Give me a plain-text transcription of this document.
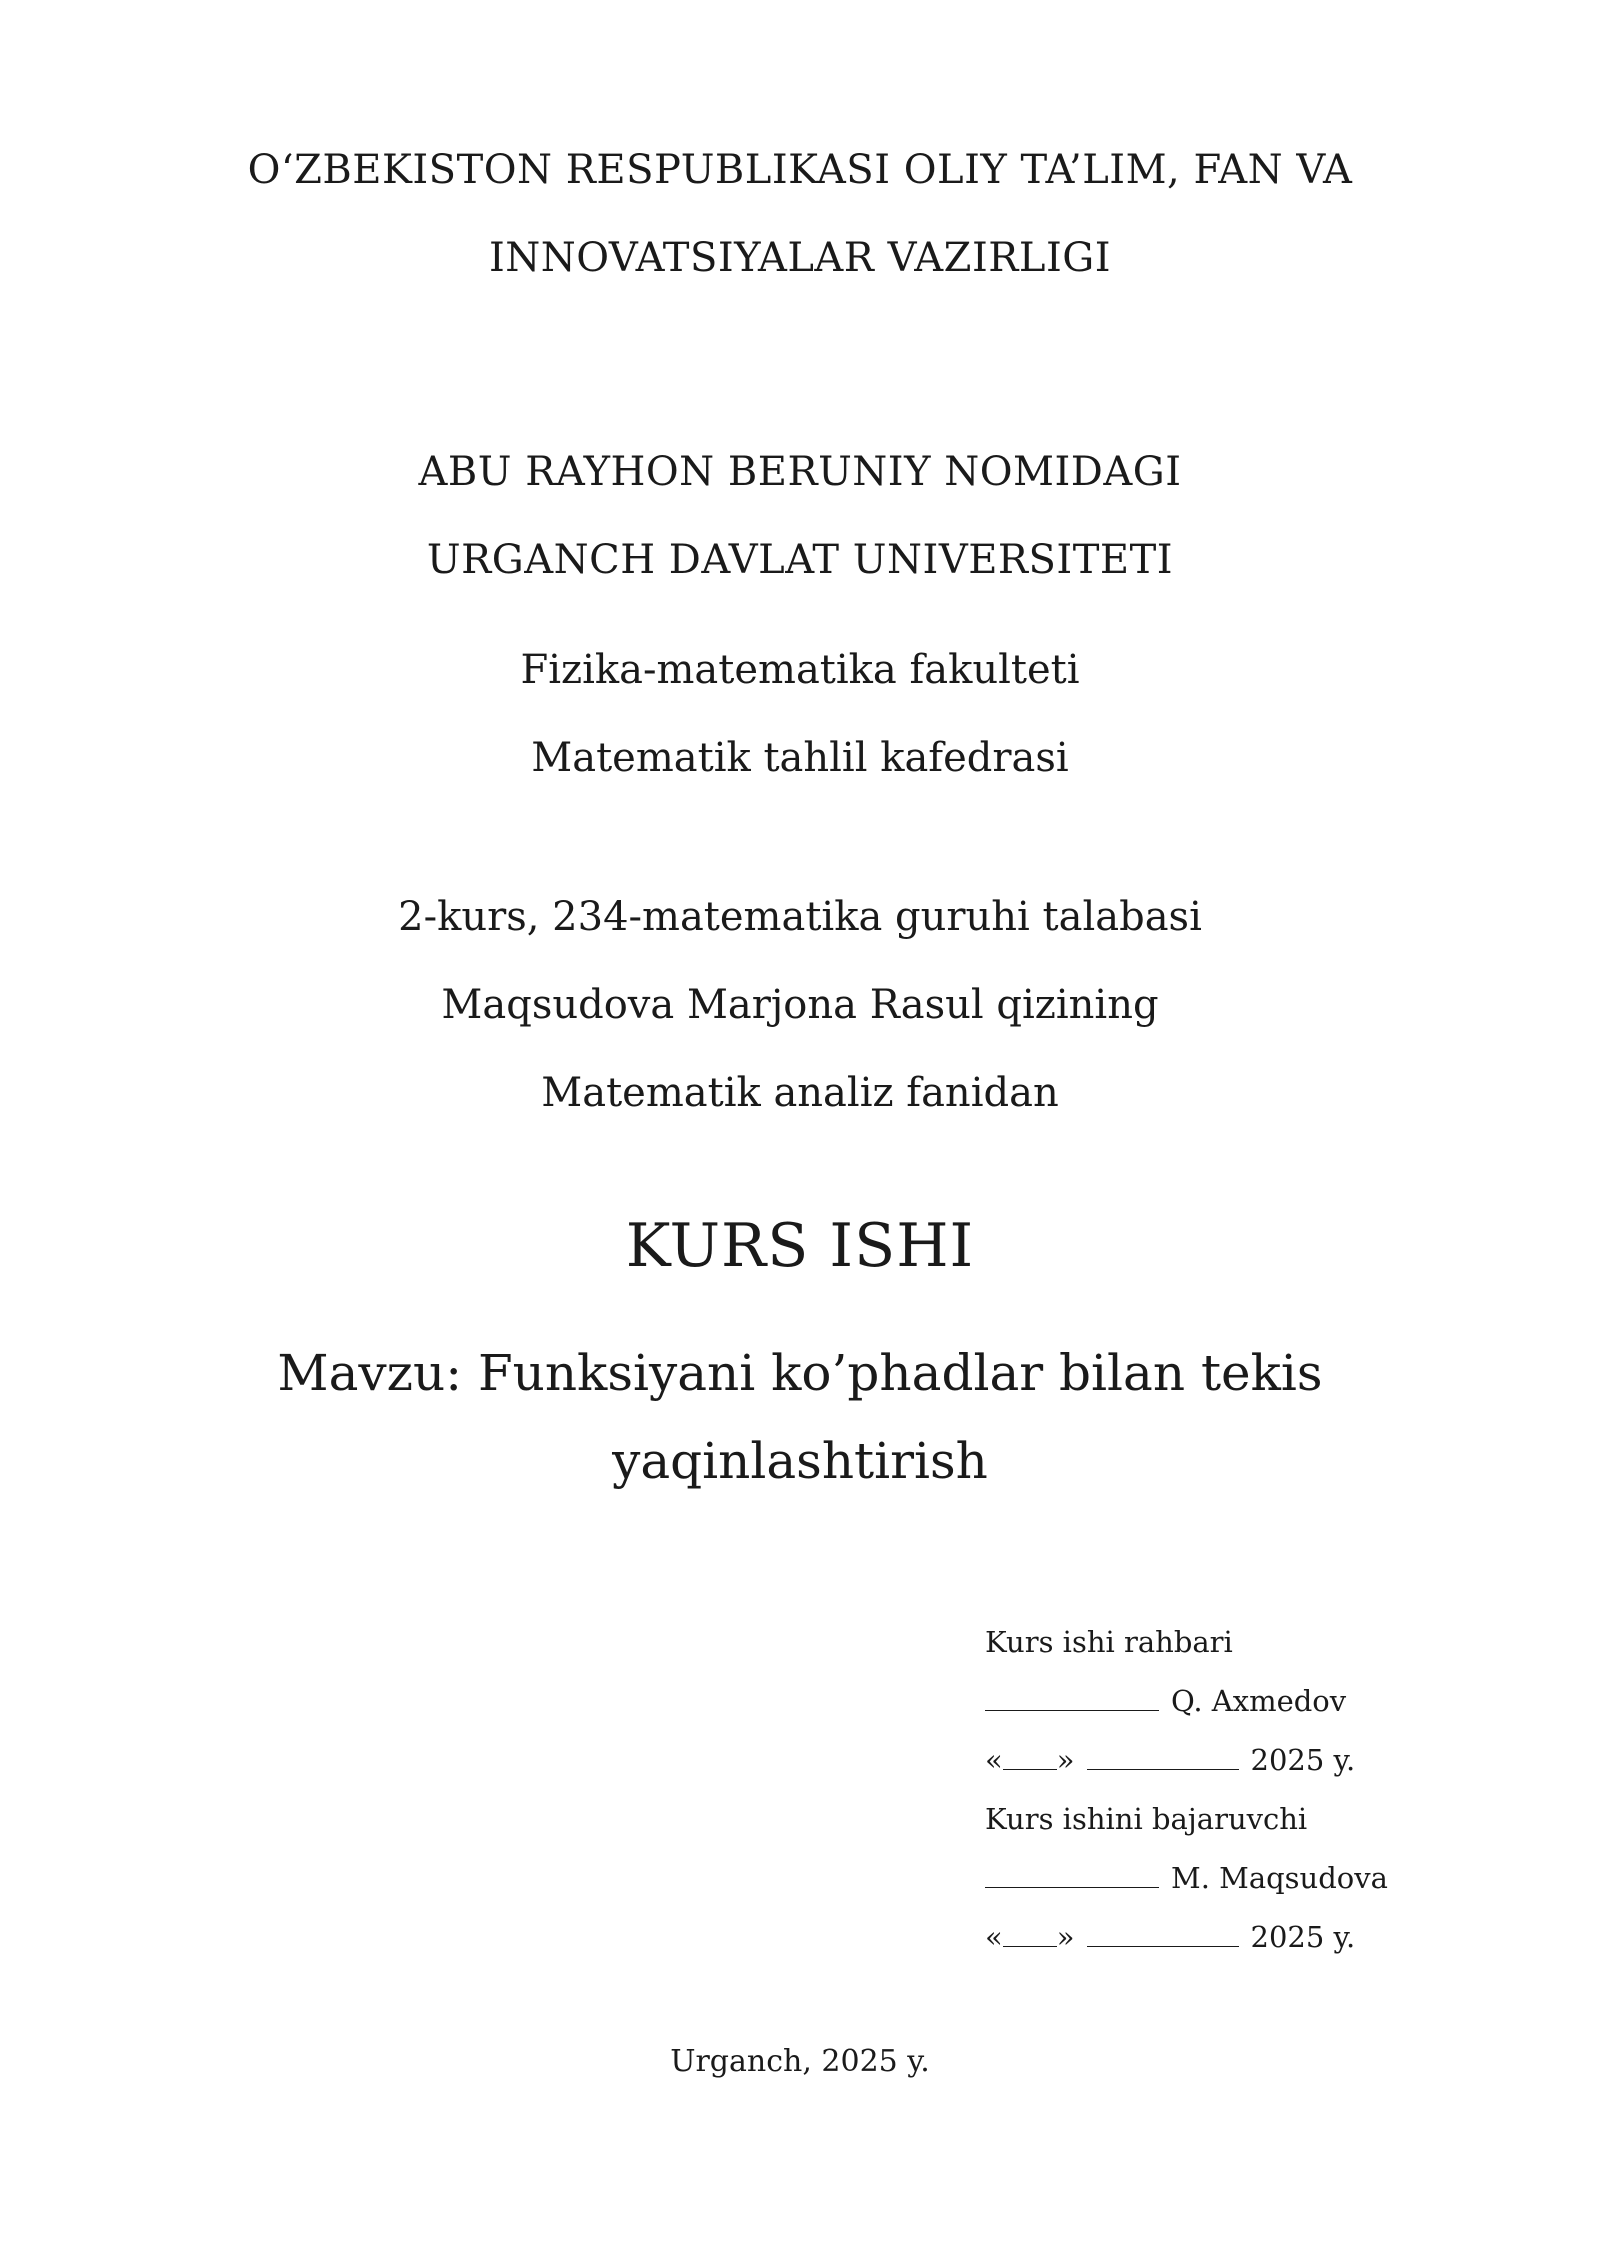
O‘ZBEKISTON RESPUBLIKASI OLIY TA’LIM, FAN VA
INNOVATSIYALAR VAZIRLIGI
ABU RAYHON BERUNIY NOMIDAGI
URGANCH DAVLAT UNIVERSITETI
Fizika-matematika fakulteti
Matematik tahlil kafedrasi
2-kurs, 234-matematika guruhi talabasi
Maqsudova Marjona Rasul qizining
Matematik analiz fanidan
KURS ISHI
Mavzu: Funksiyani ko’phadlar bilan tekis
yaqinlashtirish
Kurs ishi rahbari
Q. Axmedov
« »	2025 y.
Kurs ishini bajaruvchi
M. Maqsudova
« »	2025 y.
Urganch, 2025 y.
